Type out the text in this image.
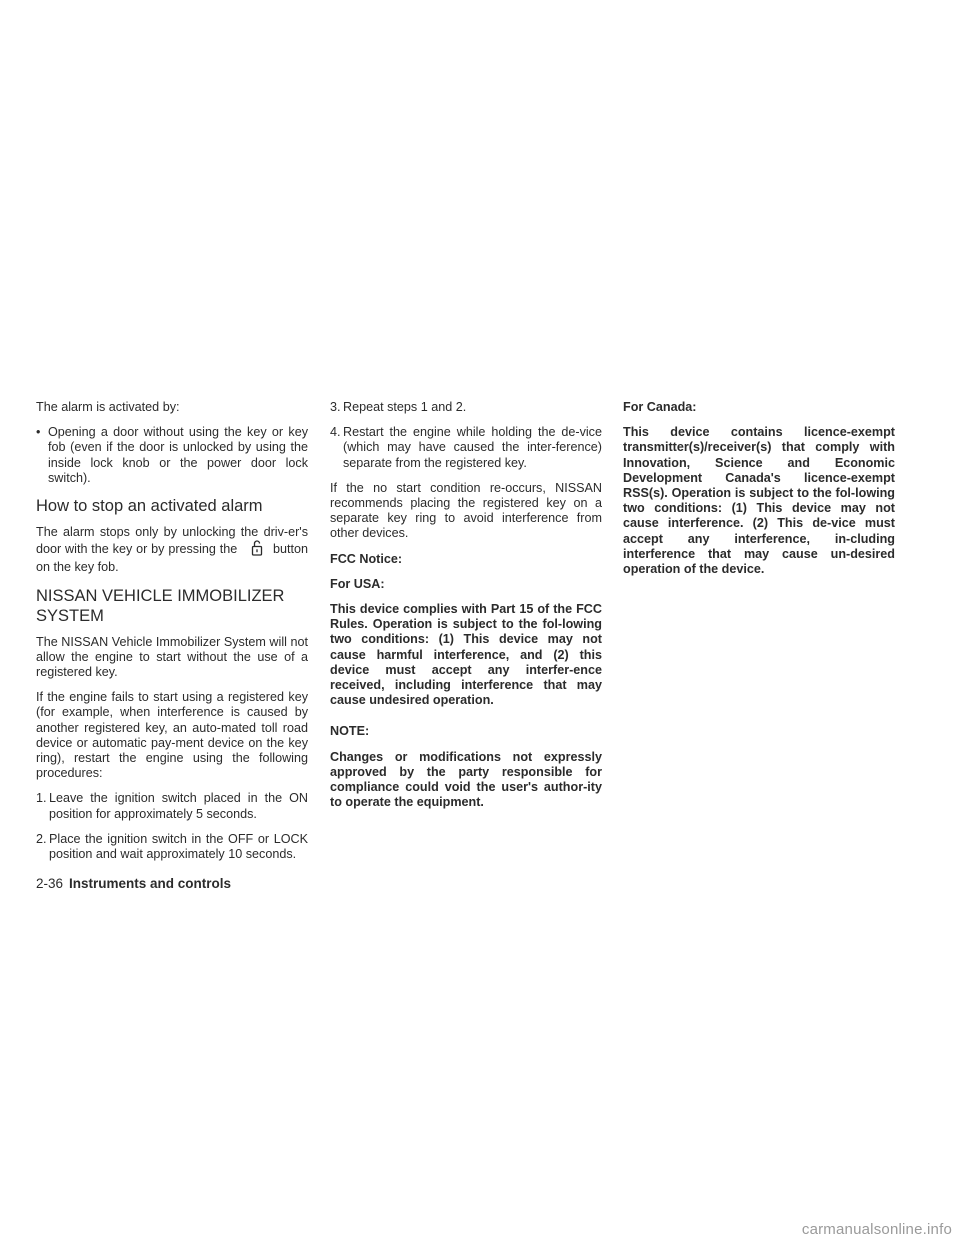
The alarm is activated by:

• Opening a door without using the key or key fob (even if the door is unlocked by using the inside lock knob or the power door lock switch).
How to stop an activated alarm

The alarm stops only by unlocking the driv-er's door with the key or by pressing the	button on the key fob.

NISSAN VEHICLE IMMOBILIZER SYSTEM

The NISSAN Vehicle Immobilizer System will not allow the engine to start without the use of a registered key.

If the engine fails to start using a registered key (for example, when interference is caused by another registered key, an auto-mated toll road device or automatic pay-ment device on the key ring), restart the engine using the following procedures:

1. Leave the ignition switch placed in the ON position for approximately 5 seconds.
2. Place the ignition switch in the OFF or LOCK position and wait approximately 10 seconds.
3. Repeat steps 1 and 2.
4. Restart the engine while holding the de-vice (which may have caused the inter-ference) separate from the registered key.

If the no start condition re-occurs, NISSAN recommends placing the registered key on a separate key ring to avoid interference from other devices.

FCC Notice:

For USA:

This device complies with Part 15 of the FCC Rules. Operation is subject to the fol-lowing two conditions: (1) This device may not cause harmful interference, and (2) this device must accept any interfer-ence received, including interference that may cause undesired operation.

NOTE:

Changes or modifications not expressly approved by the party responsible for compliance could void the user's author-ity to operate the equipment.

For Canada:

This device contains licence-exempt transmitter(s)/receiver(s) that comply with Innovation, Science and Economic Development Canada's licence-exempt RSS(s). Operation is subject to the fol-lowing two conditions: (1) This device may not cause interference. (2) This de-vice must accept any interference, in-cluding interference that may cause un-desired operation of the device.

2-36 Instruments and controls
carmanualsonline.info
